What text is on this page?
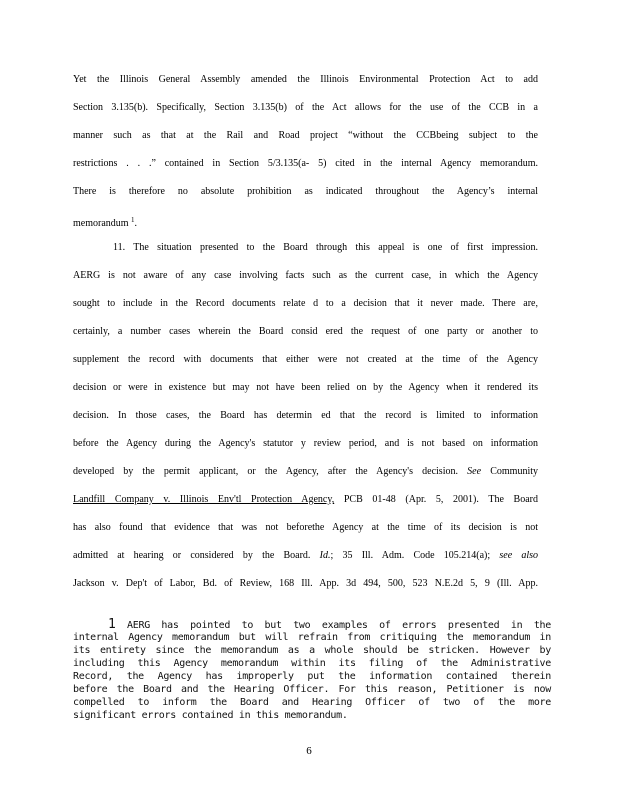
Yet the Illinois General Assembly amended the Illinois Environmental Protection Act to add
Section 3.135(b). Specifically, Section 3.135(b) of the Act allows for the use of the CCB in a
manner such as that at the Rail and Road project “without the CCBbeing subject to the
restrictions . . .” contained in Section 5/3.135(a- 5) cited in the internal Agency memorandum.
There is therefore no absolute prohibition as indicated throughout the Agency’s internal
memorandum $^1$.
11. The situation presented to the Board through this appeal is one of first impression.
AERG is not aware of any case involving facts such as the current case, in which the Agency
sought to include in the Record documents relate d to a decision that it never made. There are,
certainly, a number cases wherein the Board consid ered the request of one party or another to
supplement the record with documents that either were not created at the time of the Agency
decision or were in existence but may not have been relied on by the Agency when it rendered its
decision. In those cases, the Board has determin ed that the record is limited to information
before the Agency during the Agency's statutor y review period, and is not based on information
developed by the permit applicant, or the Agency, after the Agency's decision. See Community
Landfill Company v. Illinois Env'tl Protection Agency, PCB 01-48 (Apr. 5, 2001). The Board
has also found that evidence that was not beforethe Agency at the time of its decision is not
admitted at hearing or considered by the Board. Id.; 35 Ill. Adm. Code 105.214(a); see also
Jackson v. Dep't of Labor, Bd. of Review, 168 Ill. App. 3d 494, 500, 523 N.E.2d 5, 9 (Ill. App.
1 AERG has pointed to but two examples of errors presented in the
internal Agency memorandum but will refrain from critiquing the memorandum in
its entirety since the memorandum as a whole should be stricken. However by
including this Agency memorandum within its filing of the Administrative
Record, the Agency has improperly put the information contained therein
before the Board and the Hearing Officer. For this reason, Petitioner is now
compelled to inform the Board and Hearing Officer of two of the more
significant errors contained in this memorandum.
6
